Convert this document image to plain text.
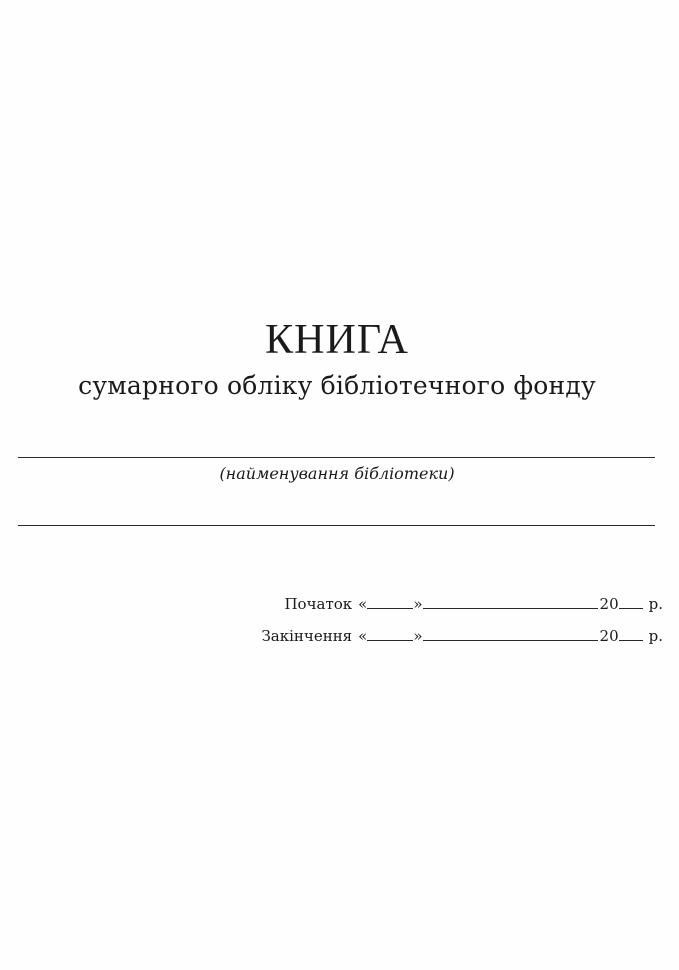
КНИГА
сумарного обліку бібліотечного фонду
(найменування бібліотеки)
Початок «	»	20 р.
Закінчення «	»	20 р.
